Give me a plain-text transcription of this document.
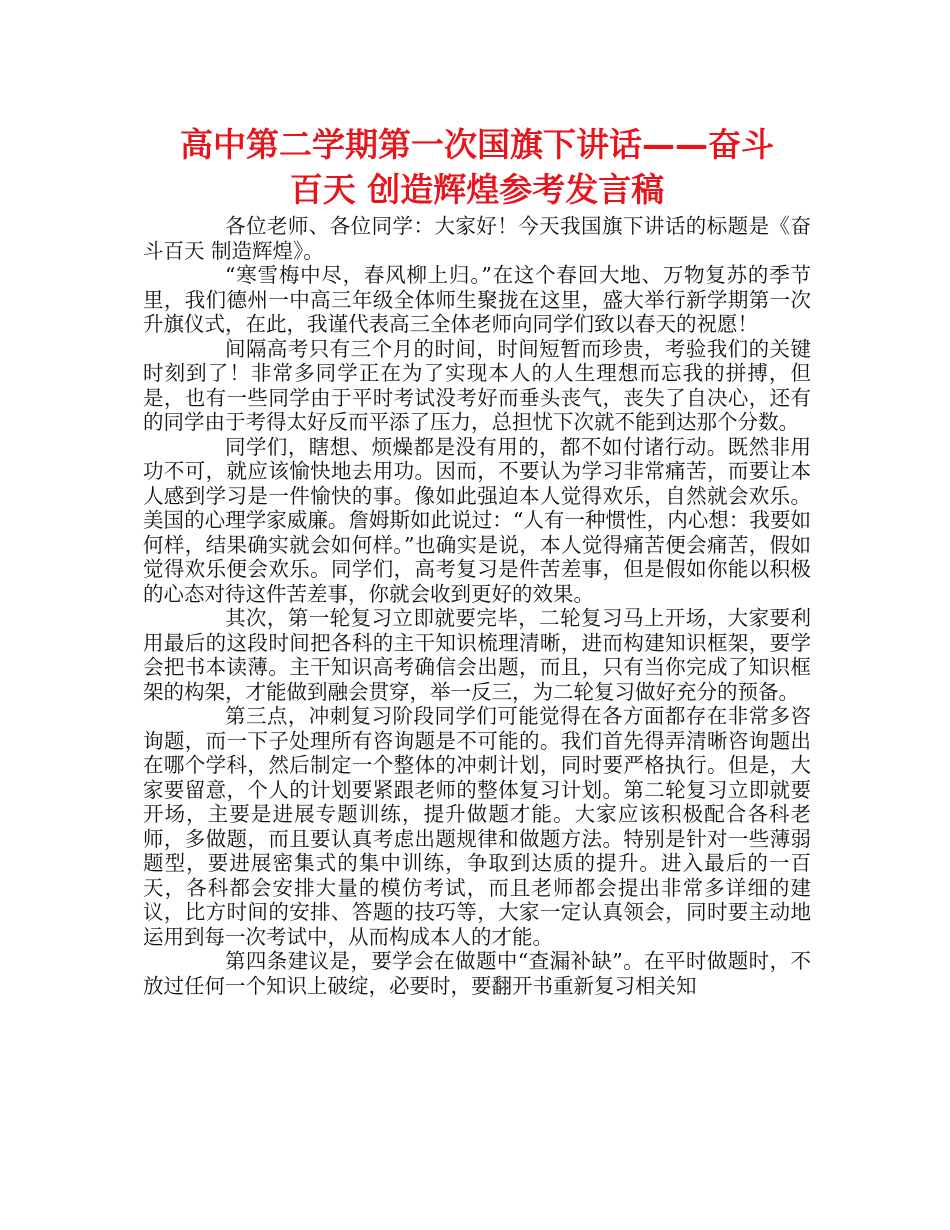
高中第二学期第一次国旗下讲话——奋斗
百天 创造辉煌参考发言稿

各位老师、各位同学：大家好！今天我国旗下讲话的标题是《奋斗百天 制造辉煌》。

“寒雪梅中尽，春风柳上归。”在这个春回大地、万物复苏的季节里，我们德州一中高三年级全体师生聚拢在这里，盛大举行新学期第一次升旗仪式，在此，我谨代表高三全体老师向同学们致以春天的祝愿！

间隔高考只有三个月的时间，时间短暂而珍贵，考验我们的关键时刻到了！非常多同学正在为了实现本人的人生理想而忘我的拼搏，但是，也有一些同学由于平时考试没考好而垂头丧气，丧失了自决心，还有的同学由于考得太好反而平添了压力，总担忧下次就不能到达那个分数。

同学们，瞎想、烦燥都是没有用的，都不如付诸行动。既然非用功不可，就应该愉快地去用功。因而，不要认为学习非常痛苦，而要让本人感到学习是一件愉快的事。像如此强迫本人觉得欢乐，自然就会欢乐。美国的心理学家威廉。詹姆斯如此说过：“人有一种惯性，内心想：我要如何样，结果确实就会如何样。”也确实是说，本人觉得痛苦便会痛苦，假如觉得欢乐便会欢乐。同学们，高考复习是件苦差事，但是假如你能以积极的心态对待这件苦差事，你就会收到更好的效果。

其次，第一轮复习立即就要完毕，二轮复习马上开场，大家要利用最后的这段时间把各科的主干知识梳理清晰，进而构建知识框架，要学会把书本读薄。主干知识高考确信会出题，而且，只有当你完成了知识框架的构架，才能做到融会贯穿，举一反三，为二轮复习做好充分的预备。

第三点，冲刺复习阶段同学们可能觉得在各方面都存在非常多咨询题，而一下子处理所有咨询题是不可能的。我们首先得弄清晰咨询题出在哪个学科，然后制定一个整体的冲刺计划，同时要严格执行。但是，大家要留意，个人的计划要紧跟老师的整体复习计划。第二轮复习立即就要开场，主要是进展专题训练，提升做题才能。大家应该积极配合各科老师，多做题，而且要认真考虑出题规律和做题方法。特别是针对一些薄弱题型，要进展密集式的集中训练，争取到达质的提升。进入最后的一百天，各科都会安排大量的模仿考试，而且老师都会提出非常多详细的建议，比方时间的安排、答题的技巧等，大家一定认真领会，同时要主动地运用到每一次考试中，从而构成本人的才能。

第四条建议是，要学会在做题中“查漏补缺”。在平时做题时，不放过任何一个知识上破绽，必要时，要翻开书重新复习相关知
